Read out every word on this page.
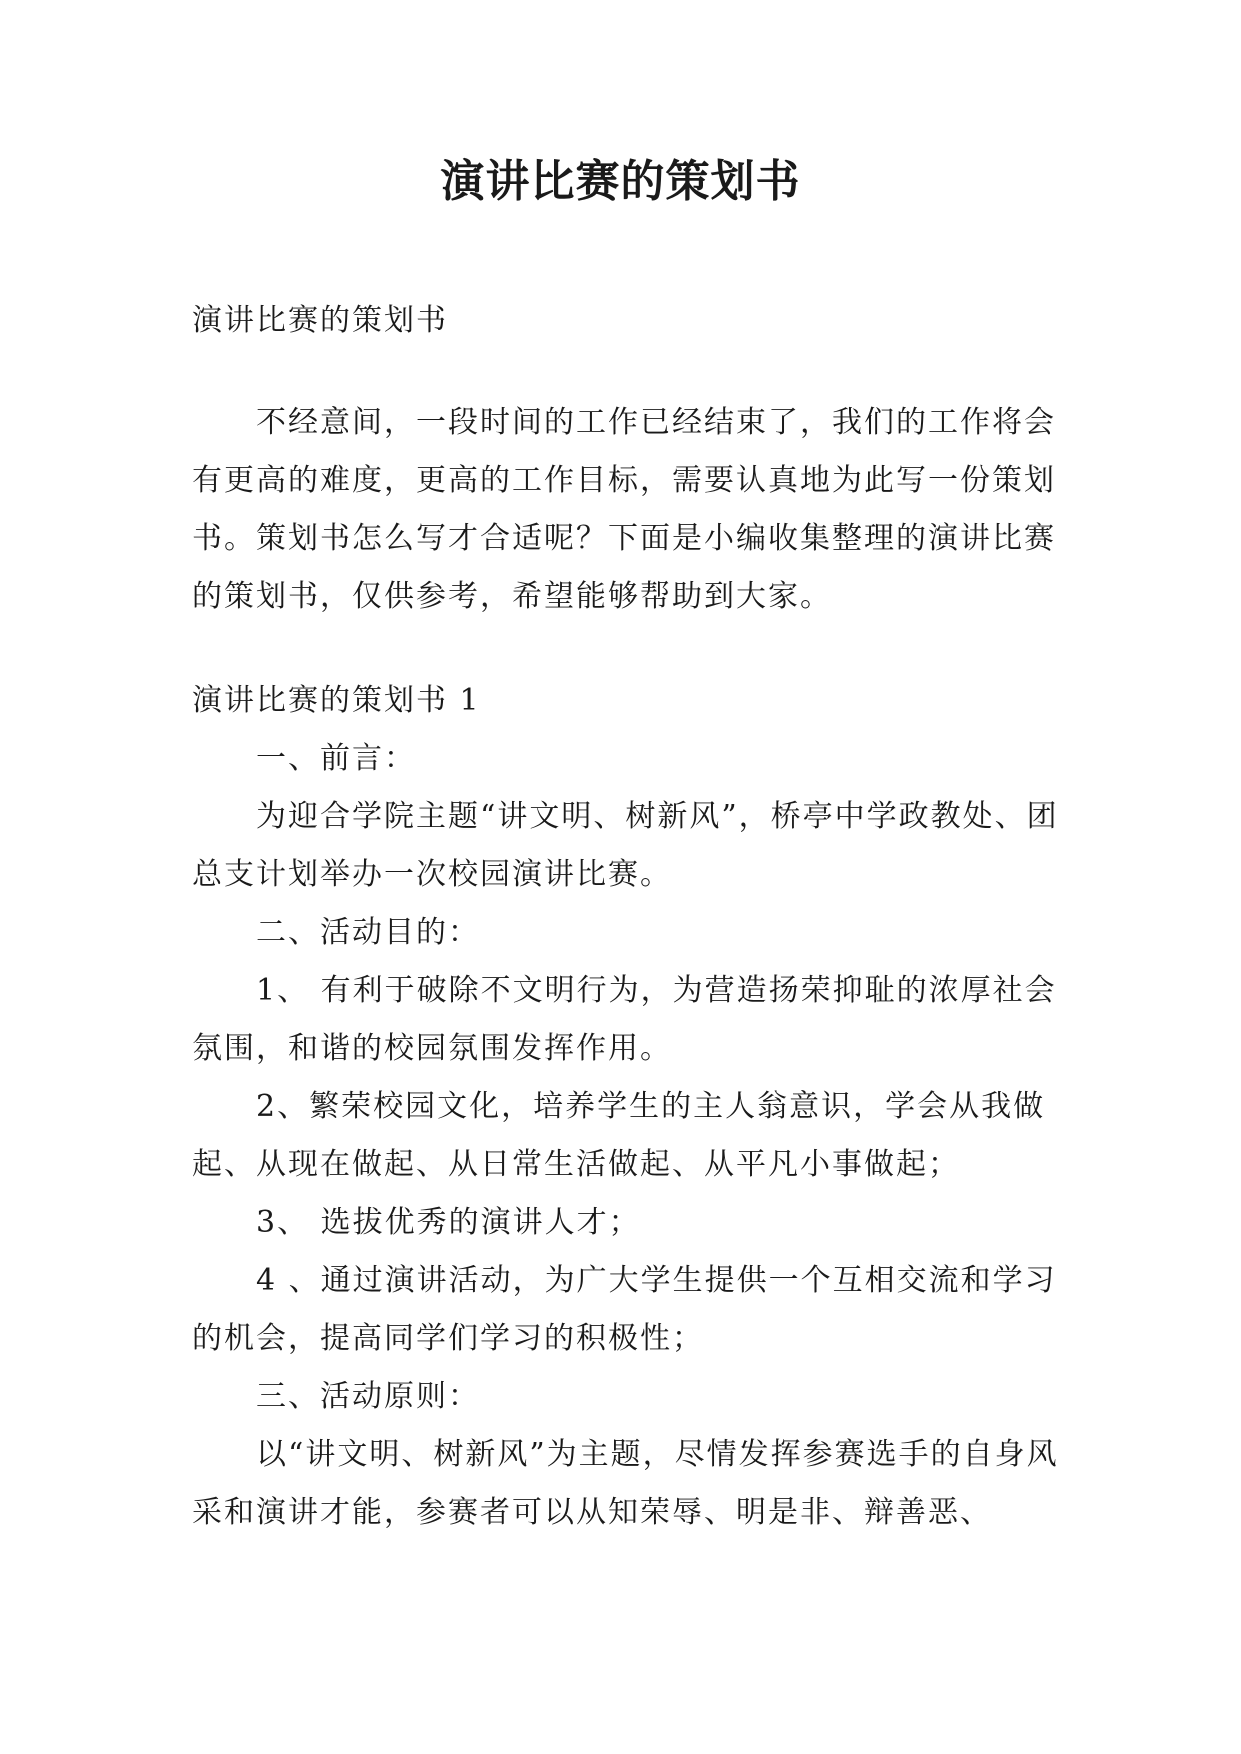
演讲比赛的策划书

演讲比赛的策划书

不经意间，一段时间的工作已经结束了，我们的工作将会有更高的难度，更高的工作目标，需要认真地为此写一份策划书。策划书怎么写才合适呢？下面是小编收集整理的演讲比赛的策划书，仅供参考，希望能够帮助到大家。

演讲比赛的策划书 1

一、前言：

为迎合学院主题“讲文明、树新风”，桥亭中学政教处、团总支计划举办一次校园演讲比赛。

二、活动目的：

1、 有利于破除不文明行为，为营造扬荣抑耻的浓厚社会氛围，和谐的校园氛围发挥作用。

2、繁荣校园文化，培养学生的主人翁意识，学会从我做起、从现在做起、从日常生活做起、从平凡小事做起；

3、 选拔优秀的演讲人才；

4 、通过演讲活动，为广大学生提供一个互相交流和学习的机会，提高同学们学习的积极性；

三、活动原则：

以“讲文明、树新风”为主题，尽情发挥参赛选手的自身风采和演讲才能，参赛者可以从知荣辱、明是非、辩善恶、
